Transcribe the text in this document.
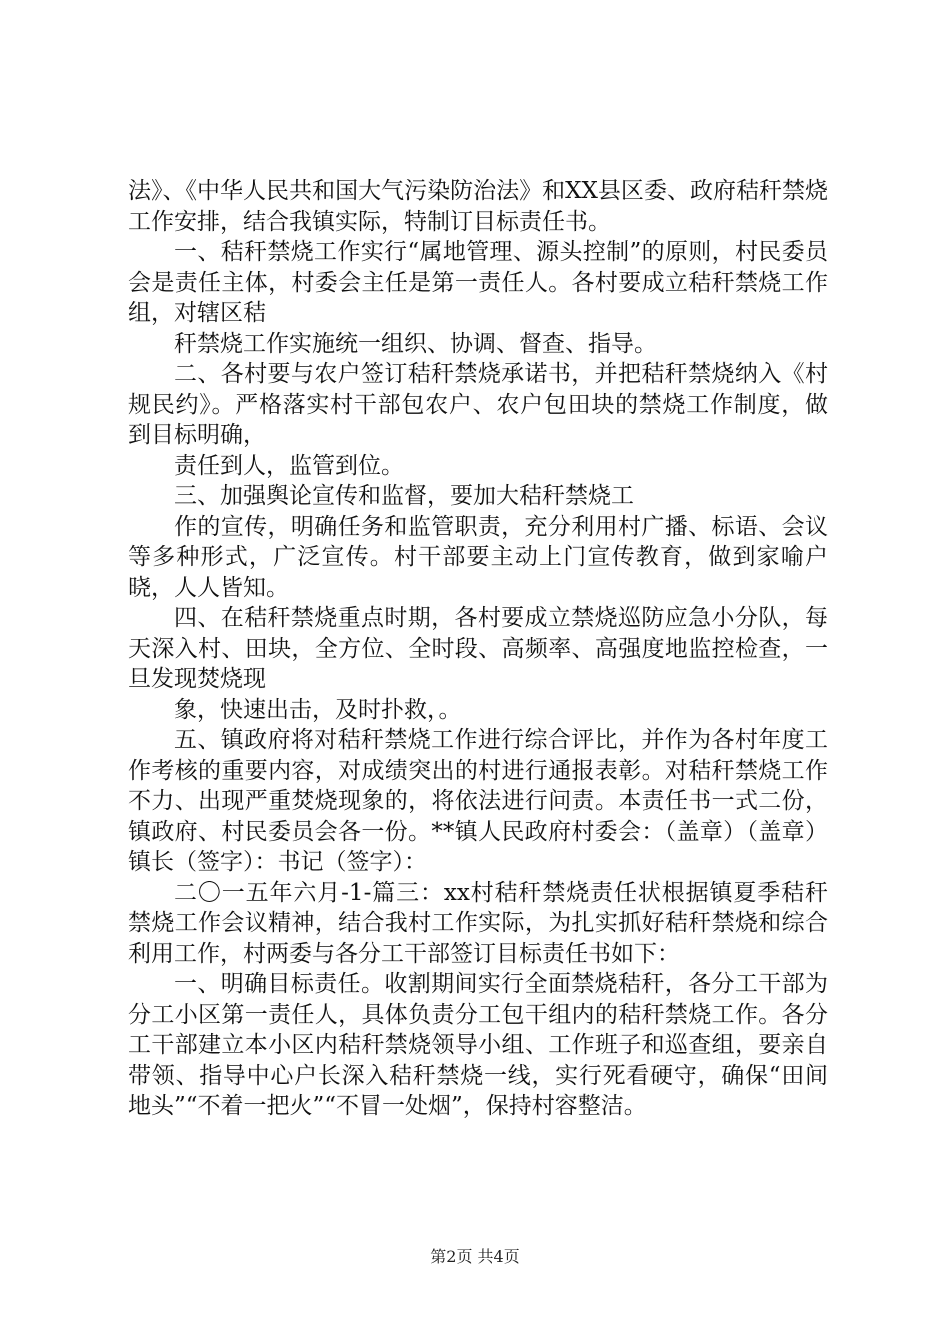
法》、《中华人民共和国大气污染防治法》和XX县区委、政府秸秆禁烧工作安排，结合我镇实际，特制订目标责任书。

一、秸秆禁烧工作实行“属地管理、源头控制”的原则，村民委员会是责任主体，村委会主任是第一责任人。各村要成立秸秆禁烧工作组，对辖区秸

秆禁烧工作实施统一组织、协调、督查、指导。

二、各村要与农户签订秸秆禁烧承诺书，并把秸秆禁烧纳入《村规民约》。严格落实村干部包农户、农户包田块的禁烧工作制度，做到目标明确，

责任到人，监管到位。

三、加强舆论宣传和监督，要加大秸秆禁烧工

作的宣传，明确任务和监管职责，充分利用村广播、标语、会议等多种形式，广泛宣传。村干部要主动上门宣传教育，做到家喻户晓，人人皆知。

四、在秸秆禁烧重点时期，各村要成立禁烧巡防应急小分队，每天深入村、田块，全方位、全时段、高频率、高强度地监控检查，一旦发现焚烧现

象，快速出击，及时扑救，。

五、镇政府将对秸秆禁烧工作进行综合评比，并作为各村年度工作考核的重要内容，对成绩突出的村进行通报表彰。对秸秆禁烧工作不力、出现严重焚烧现象的，将依法进行问责。本责任书一式二份，镇政府、村民委员会各一份。**镇人民政府村委会：（盖章）（盖章）镇长（签字）：书记（签字）：

二〇一五年六月-1-篇三：xx村秸秆禁烧责任状根据镇夏季秸秆禁烧工作会议精神，结合我村工作实际，为扎实抓好秸秆禁烧和综合利用工作，村两委与各分工干部签订目标责任书如下：

一、明确目标责任。收割期间实行全面禁烧秸秆，各分工干部为分工小区第一责任人，具体负责分工包干组内的秸秆禁烧工作。各分工干部建立本小区内秸秆禁烧领导小组、工作班子和巡查组，要亲自带领、指导中心户长深入秸秆禁烧一线，实行死看硬守，确保“田间地头”“不着一把火”“不冒一处烟”，保持村容整洁。

第2页 共4页
